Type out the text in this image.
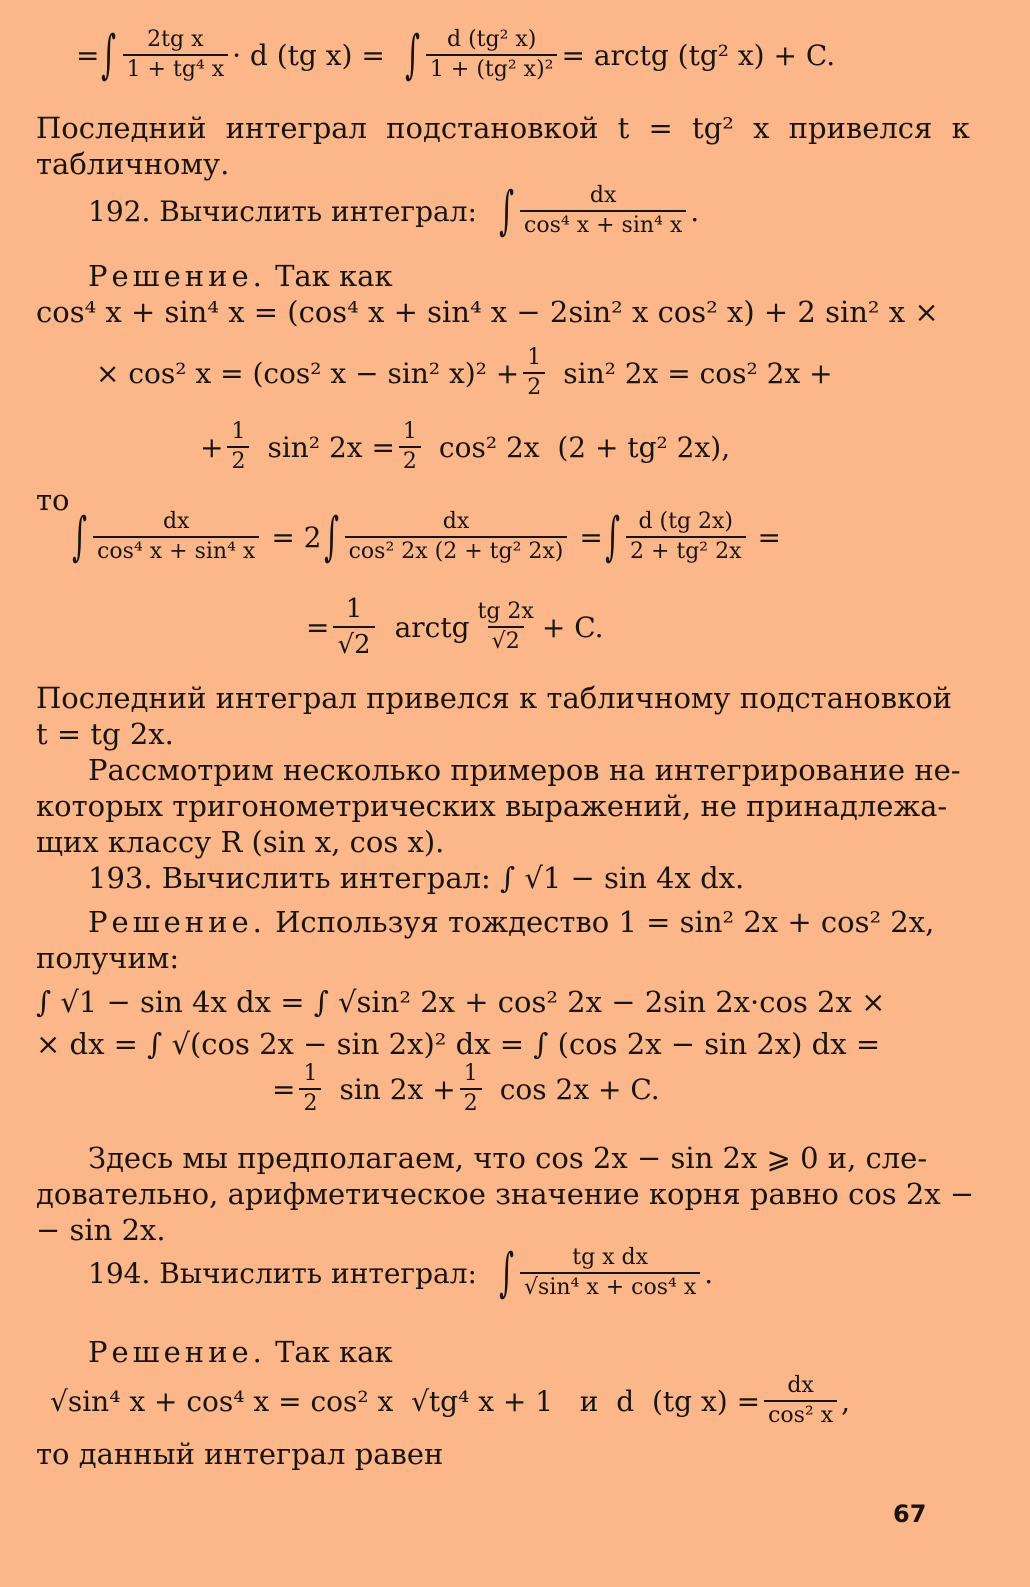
= ∫ $\frac{\text{2tg x}}{\text{1 + tg⁴ x}} \cdot d$ (tg x) = ∫ $\frac{\text{d (tg² x)}}{\text{1 + (tg² x)²}}$ = arctg (tg² x) + C.
Последний интеграл подстановкой t = tg² x привелся к
табличному.
192. Вычислить интеграл: ∫ $\frac{dx}{\text{cos⁴ x + sin⁴ x}}$ .
Решение. Так как
cos⁴ x + sin⁴ x = (cos⁴ x + sin⁴ x − 2sin² x cos² x) + 2 sin² x ×
× cos² x = (cos² x − sin² $x)^2 + \frac{1}{2} \sin^2$ 2x = cos² 2x +
+ $\frac{1}{2} \sin^2$ $2x = \frac{1}{2} \cos^2$ 2x  (2 + tg² 2x),
то
∫ $\frac{dx}{\text{cos⁴ x + sin⁴ x}} = 2$ ∫ $\frac{dx}{\text{cos² 2x (2 + tg² 2x)}}$ = ∫ $\frac{d (tg 2x)}{\text{2 + tg² 2x}}$ =
= $\frac{1}{√2}$ arctg $\frac{tg 2x}{√2} + C$.
Последний интеграл привелся к табличному подстановкой
t = tg 2x.
Рассмотрим несколько примеров на интегрирование не-
которых тригонометрических выражений, не принадлежа-
щих классу R (sin x, cos x).
193. Вычислить интеграл: ∫ √1 − sin 4x dx.
Решение. Используя тождество 1 = sin² 2x + cos² 2x,
получим:
∫ √1 − sin 4x dx = ∫ √sin² 2x + cos² 2x − 2sin 2x·cos 2x ×
× dx = ∫ √(cos 2x − sin 2x)² dx = ∫ (cos 2x − sin 2x) dx =
= $\frac{1}{2}$ $\sin 2x + \frac{1}{2}$ cos 2x + C.
Здесь мы предполагаем, что cos 2x − sin 2x ⩾ 0 и, сле-
довательно, арифметическое значение корня равно cos 2x −
− sin 2x.
194. Вычислить интеграл: ∫ $\frac{\text{tg x dx}}{\text{√sin⁴ x + cos⁴ x}}$ .
Решение. Так как
√sin⁴ x + cos⁴ x = cos² x  √tg⁴ x + 1   и  d  (tg $x) = \frac{dx}{\text{cos² x}}$ ,
то данный интеграл равен
67
